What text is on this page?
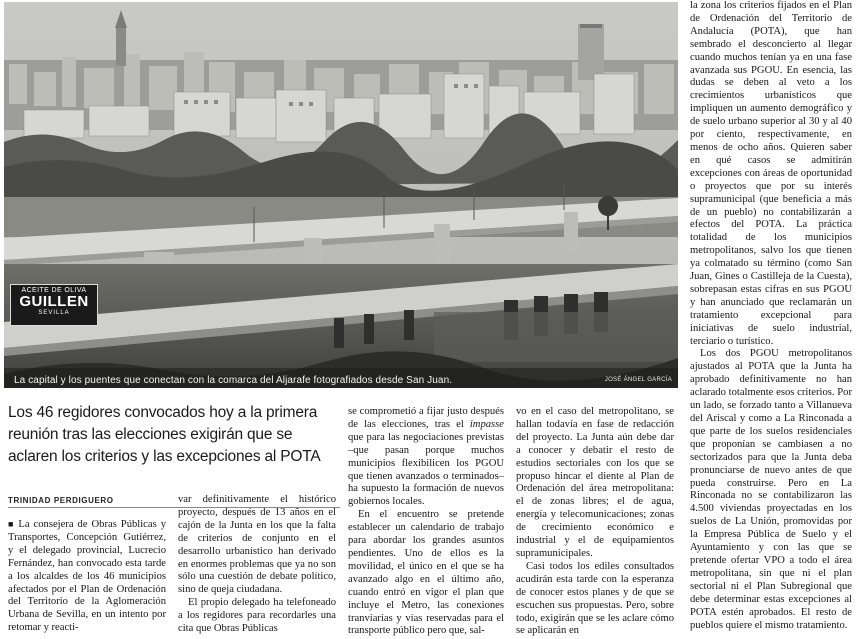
ACEITE DE OLIVA
GUILLEN
SEVILLA
La capital y los puentes que conectan con la comarca del Aljarafe fotografiados desde San Juan.	JOSÉ ÁNGEL GARCÍA
Los 46 regidores convocados hoy a la primera reunión tras las elecciones exigirán que se aclaren los criterios y las excepciones al POTA
TRINIDAD PERDIGUERO

■ La consejera de Obras Públicas y Transportes, Concepción Gutiérrez, y el delegado provincial, Lucrecio Fernández, han convocado esta tarde a los alcaldes de los 46 municipios afectados por el Plan de Ordenación del Territorio de la Aglomeración Urbana de Sevilla, en un intento por retomar y reacti-

var definitivamente el histórico proyecto, después de 13 años en el cajón de la Junta en los que la falta de criterios de conjunto en el desarrollo urbanístico han derivado en enormes problemas que ya no son sólo una cuestión de debate político, sino de queja ciudadana.

El propio delegado ha telefoneado a los regidores para recordarles una cita que Obras Públicas

se comprometió a fijar justo después de las elecciones, tras el impasse que para las negociaciones previstas –que pasan porque muchos municipios flexibilicen los PGOU que tienen avanzados o terminados– ha supuesto la formación de nuevos gobiernos locales.

En el encuentro se pretende establecer un calendario de trabajo para abordar los grandes asuntos pendientes. Uno de ellos es la movilidad, el único en el que se ha avanzado algo en el último año, cuando entró en vigor el plan que incluye el Metro, las conexiones tranviarias y vías reservadas para el transporte público pero que, sal-

vo en el caso del metropolitano, se hallan todavía en fase de redacción del proyecto. La Junta aún debe dar a conocer y debatir el resto de estudios sectoriales con los que se propuso hincar el diente al Plan de Ordenación del área metropolitana: el de zonas libres; el de agua, energía y telecomunicaciones; zonas de crecimiento económico e industrial y el de equipamientos supramunicipales.

Casi todos los ediles consultados acudirán esta tarde con la esperanza de conocer estos planes y de que se escuchen sus propuestas. Pero, sobre todo, exigirán que se les aclare cómo se aplicarán en

la zona los criterios fijados en el Plan de Ordenación del Territorio de Andalucía (POTA), que han sembrado el desconcierto al llegar cuando muchos tenían ya en una fase avanzada sus PGOU. En esencia, las dudas se deben al veto a los crecimientos urbanísticos que impliquen un aumento demográfico y de suelo urbano superior al 30 y al 40 por ciento, respectivamente, en menos de ocho años. Quieren saber en qué casos se admitirán excepciones con áreas de oportunidad o proyectos que por su interés supramunicipal (que beneficia a más de un pueblo) no contabilizarán a efectos del POTA. La práctica totalidad de los municipios metropolitanos, salvo los que tienen ya colmatado su término (como San Juan, Gines o Castilleja de la Cuesta), sobrepasan estas cifras en sus PGOU y han anunciado que reclamarán un tratamiento excepcional para iniciativas de suelo industrial, terciario o turístico.

Los dos PGOU metropolitanos ajustados al POTA que la Junta ha aprobado definitivamente no han aclarado totalmente esos criterios. Por un lado, se forzado tanto a Villanueva del Ariscal y como a La Rinconada a que parte de los suelos residenciales que proponían se cambiasen a no sectorizados para que la Junta deba pronunciarse de nuevo antes de que pueda construirse. Pero en La Rinconada no se contabilizaron las 4.500 viviendas proyectadas en los suelos de La Unión, promovidas por la Empresa Pública de Suelo y el Ayuntamiento y con las que se pretende ofertar VPO a todo el área metropolitana, sin que ni el plan sectorial ni el Plan Subregional que debe determinar estas excepciones al POTA estén aprobados. El resto de pueblos quiere el mismo tratamiento.
